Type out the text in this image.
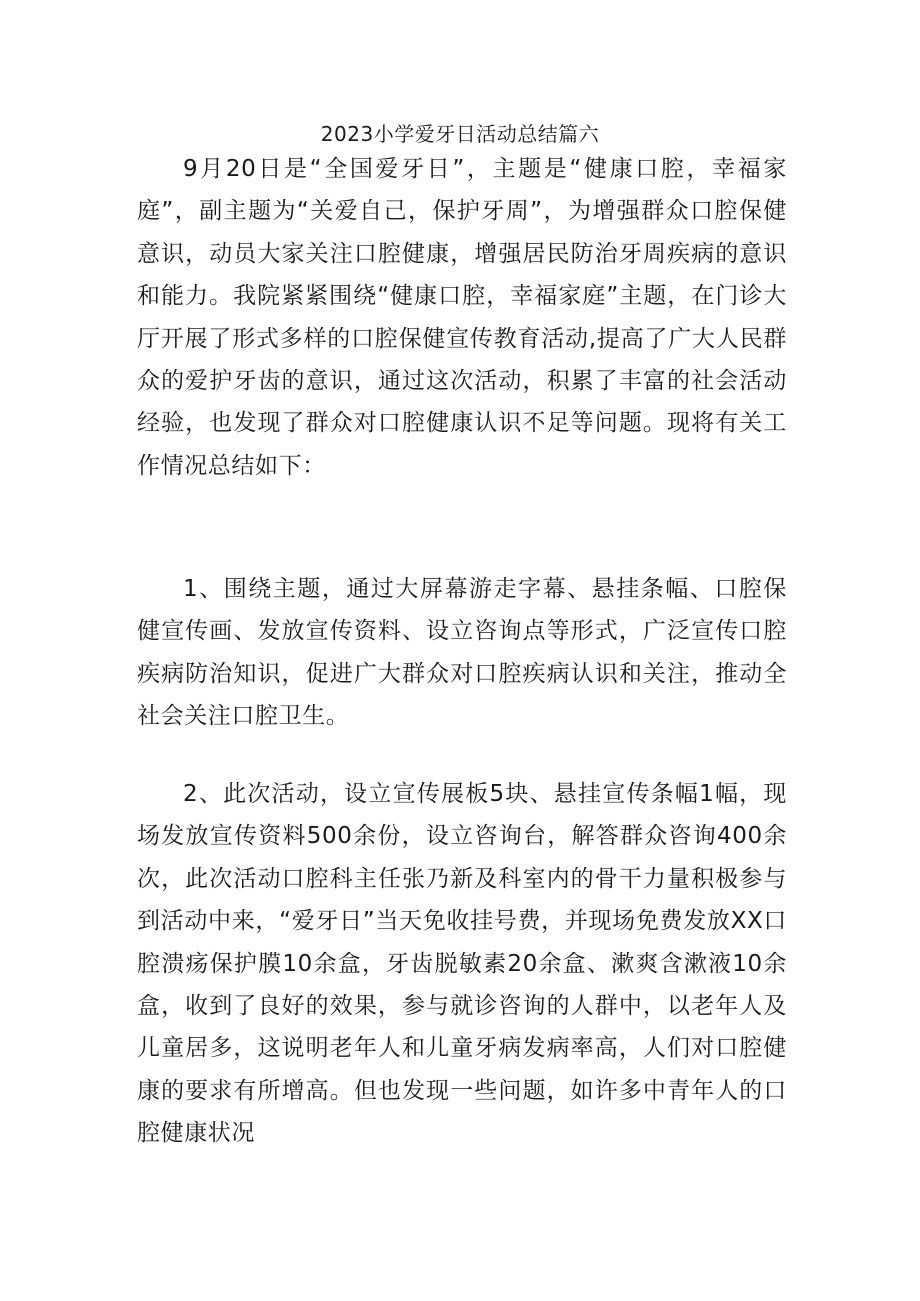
2023小学爱牙日活动总结篇六

9月20日是“全国爱牙日”，主题是“健康口腔，幸福家庭”，副主题为“关爱自己，保护牙周”，为增强群众口腔保健意识，动员大家关注口腔健康，增强居民防治牙周疾病的意识和能力。我院紧紧围绕“健康口腔，幸福家庭”主题，在门诊大厅开展了形式多样的口腔保健宣传教育活动,提高了广大人民群众的爱护牙齿的意识，通过这次活动，积累了丰富的社会活动经验，也发现了群众对口腔健康认识不足等问题。现将有关工作情况总结如下：

1、围绕主题，通过大屏幕游走字幕、悬挂条幅、口腔保健宣传画、发放宣传资料、设立咨询点等形式，广泛宣传口腔疾病防治知识，促进广大群众对口腔疾病认识和关注，推动全社会关注口腔卫生。

2、此次活动，设立宣传展板5块、悬挂宣传条幅1幅，现场发放宣传资料500余份，设立咨询台，解答群众咨询400余次，此次活动口腔科主任张乃新及科室内的骨干力量积极参与到活动中来，“爱牙日”当天免收挂号费，并现场免费发放XX口腔溃疡保护膜10余盒，牙齿脱敏素20余盒、漱爽含漱液10余盒，收到了良好的效果，参与就诊咨询的人群中，以老年人及儿童居多，这说明老年人和儿童牙病发病率高，人们对口腔健康的要求有所增高。但也发现一些问题，如许多中青年人的口腔健康状况
